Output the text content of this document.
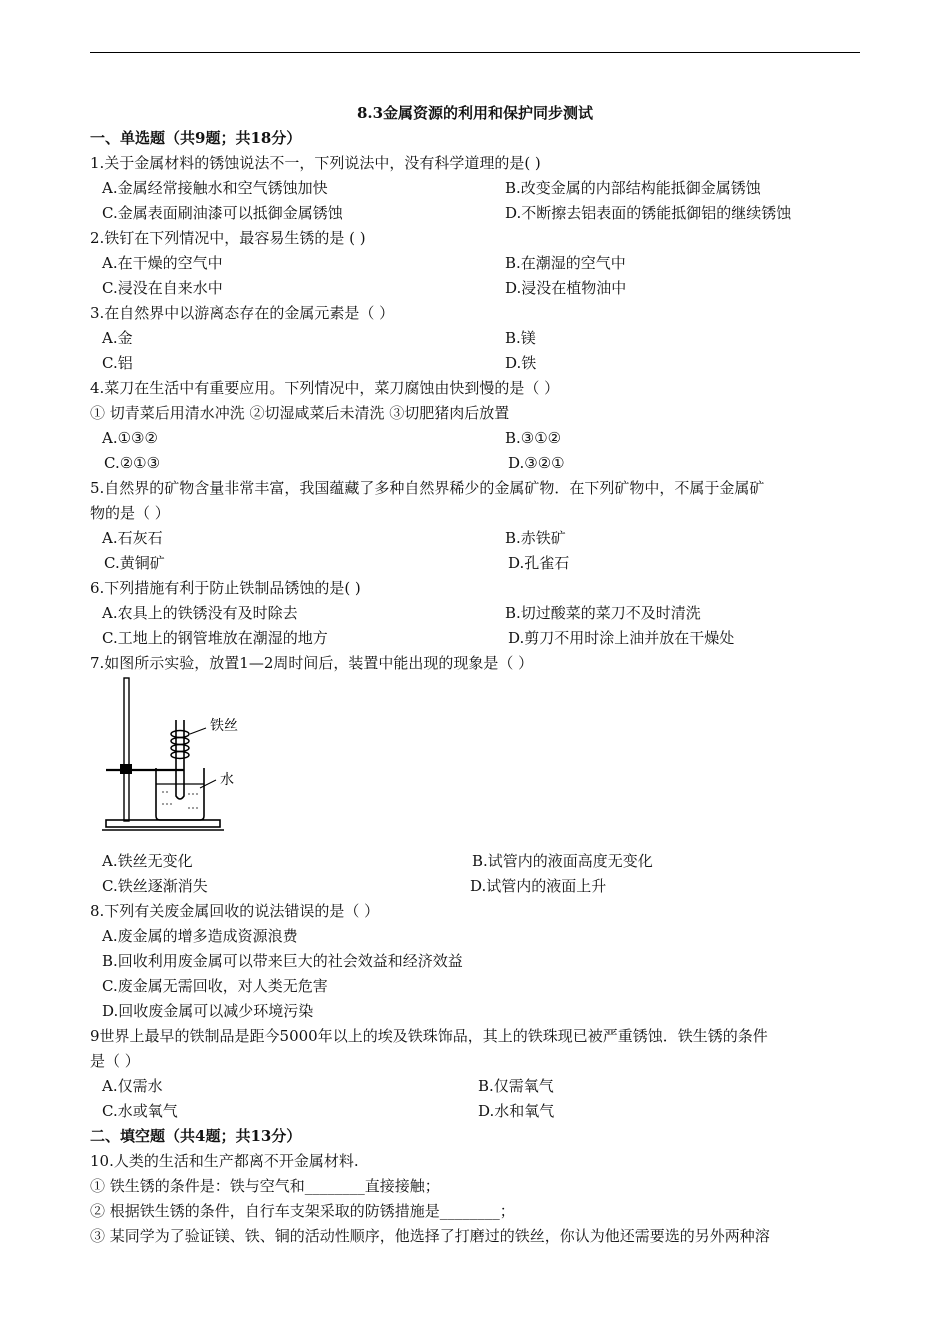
8.3金属资源的利用和保护同步测试
一、单选题（共9题；共18分）
1.关于金属材料的锈蚀说法不一，下列说法中，没有科学道理的是( )
A.金属经常接触水和空气锈蚀加快	B.改变金属的内部结构能抵御金属锈蚀
C.金属表面刷油漆可以抵御金属锈蚀	D.不断擦去铝表面的锈能抵御铝的继续锈蚀
2.铁钉在下列情况中，最容易生锈的是 ( )
A.在干燥的空气中	B.在潮湿的空气中
C.浸没在自来水中	D.浸没在植物油中
3.在自然界中以游离态存在的金属元素是（ ）
A.金	B.镁
C.铝	D.铁
4.菜刀在生活中有重要应用。下列情况中，菜刀腐蚀由快到慢的是（ ）
① 切青菜后用清水冲洗 ②切湿咸菜后未清洗 ③切肥猪肉后放置
A.①③②	B.③①②
C.②①③	D.③②①
5.自然界的矿物含量非常丰富，我国蕴藏了多种自然界稀少的金属矿物．在下列矿物中，不属于金属矿
物的是（ ）
A.石灰石	B.赤铁矿
C.黄铜矿	D.孔雀石
6.下列措施有利于防止铁制品锈蚀的是( )
A.农具上的铁锈没有及时除去	B.切过酸菜的菜刀不及时清洗
C.工地上的钢管堆放在潮湿的地方	D.剪刀不用时涂上油并放在干燥处
7.如图所示实验，放置1—2周时间后，装置中能出现的现象是（ ）
铁丝
水
A.铁丝无变化	B.试管内的液面高度无变化
C.铁丝逐渐消失	D.试管内的液面上升
8.下列有关废金属回收的说法错误的是（ ）
A.废金属的增多造成资源浪费
B.回收利用废金属可以带来巨大的社会效益和经济效益
C.废金属无需回收，对人类无危害
D.回收废金属可以减少环境污染
9世界上最早的铁制品是距今5000年以上的埃及铁珠饰品，其上的铁珠现已被严重锈蚀．铁生锈的条件
是（ ）
A.仅需水	B.仅需氧气
C.水或氧气	D.水和氧气
二、填空题（共4题；共13分）
10.人类的生活和生产都离不开金属材料.
① 铁生锈的条件是：铁与空气和________直接接触；
② 根据铁生锈的条件，自行车支架采取的防锈措施是________；
③ 某同学为了验证镁、铁、铜的活动性顺序，他选择了打磨过的铁丝，你认为他还需要选的另外两种溶
